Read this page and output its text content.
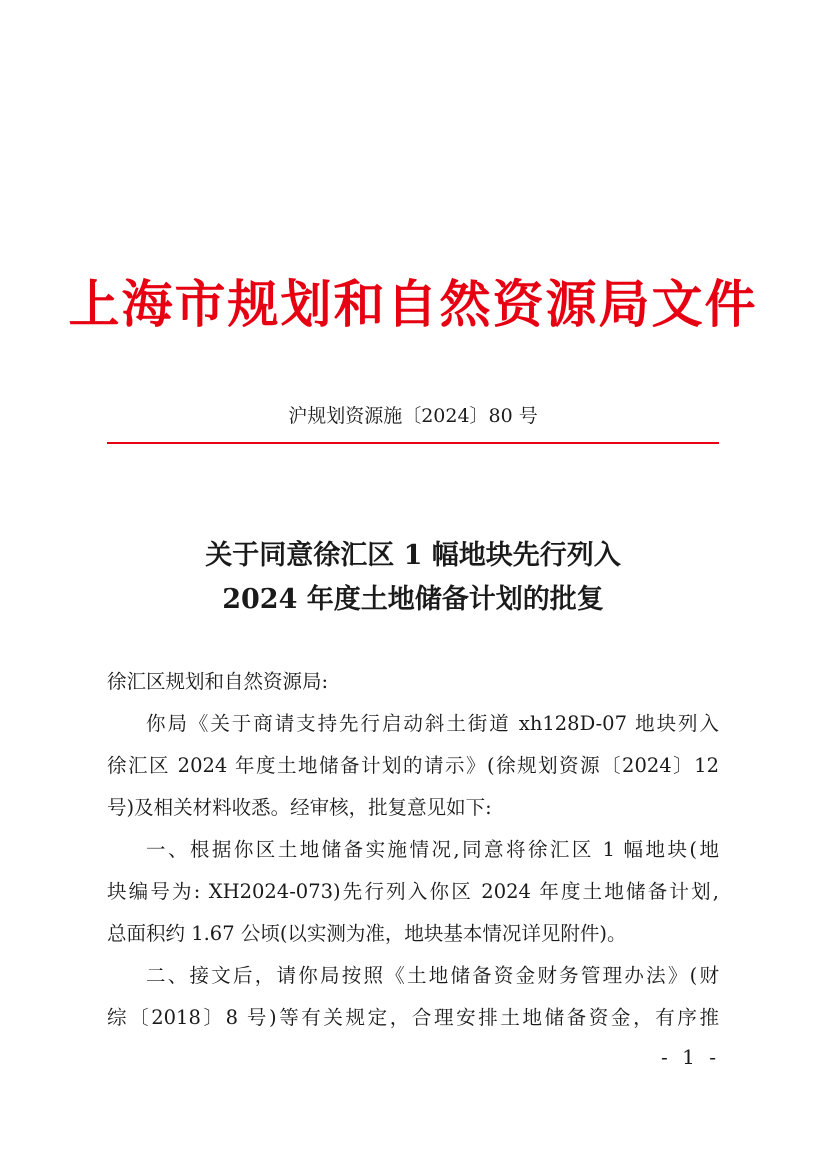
上海市规划和自然资源局文件
沪规划资源施〔2024〕80 号
关于同意徐汇区 1 幅地块先行列入
2024 年度土地储备计划的批复
徐汇区规划和自然资源局:
你局《关于商请支持先行启动斜土街道 xh128D-07 地块列入
徐汇区 2024 年度土地储备计划的请示》(徐规划资源〔2024〕12
号)及相关材料收悉。经审核，批复意见如下:
一、根据你区土地储备实施情况,同意将徐汇区 1 幅地块(地
块编号为: XH2024-073)先行列入你区 2024 年度土地储备计划,
总面积约 1.67 公顷(以实测为准，地块基本情况详见附件)。
二、接文后，请你局按照《土地储备资金财务管理办法》(财
综〔2018〕8 号)等有关规定，合理安排土地储备资金，有序推
- 1 -
